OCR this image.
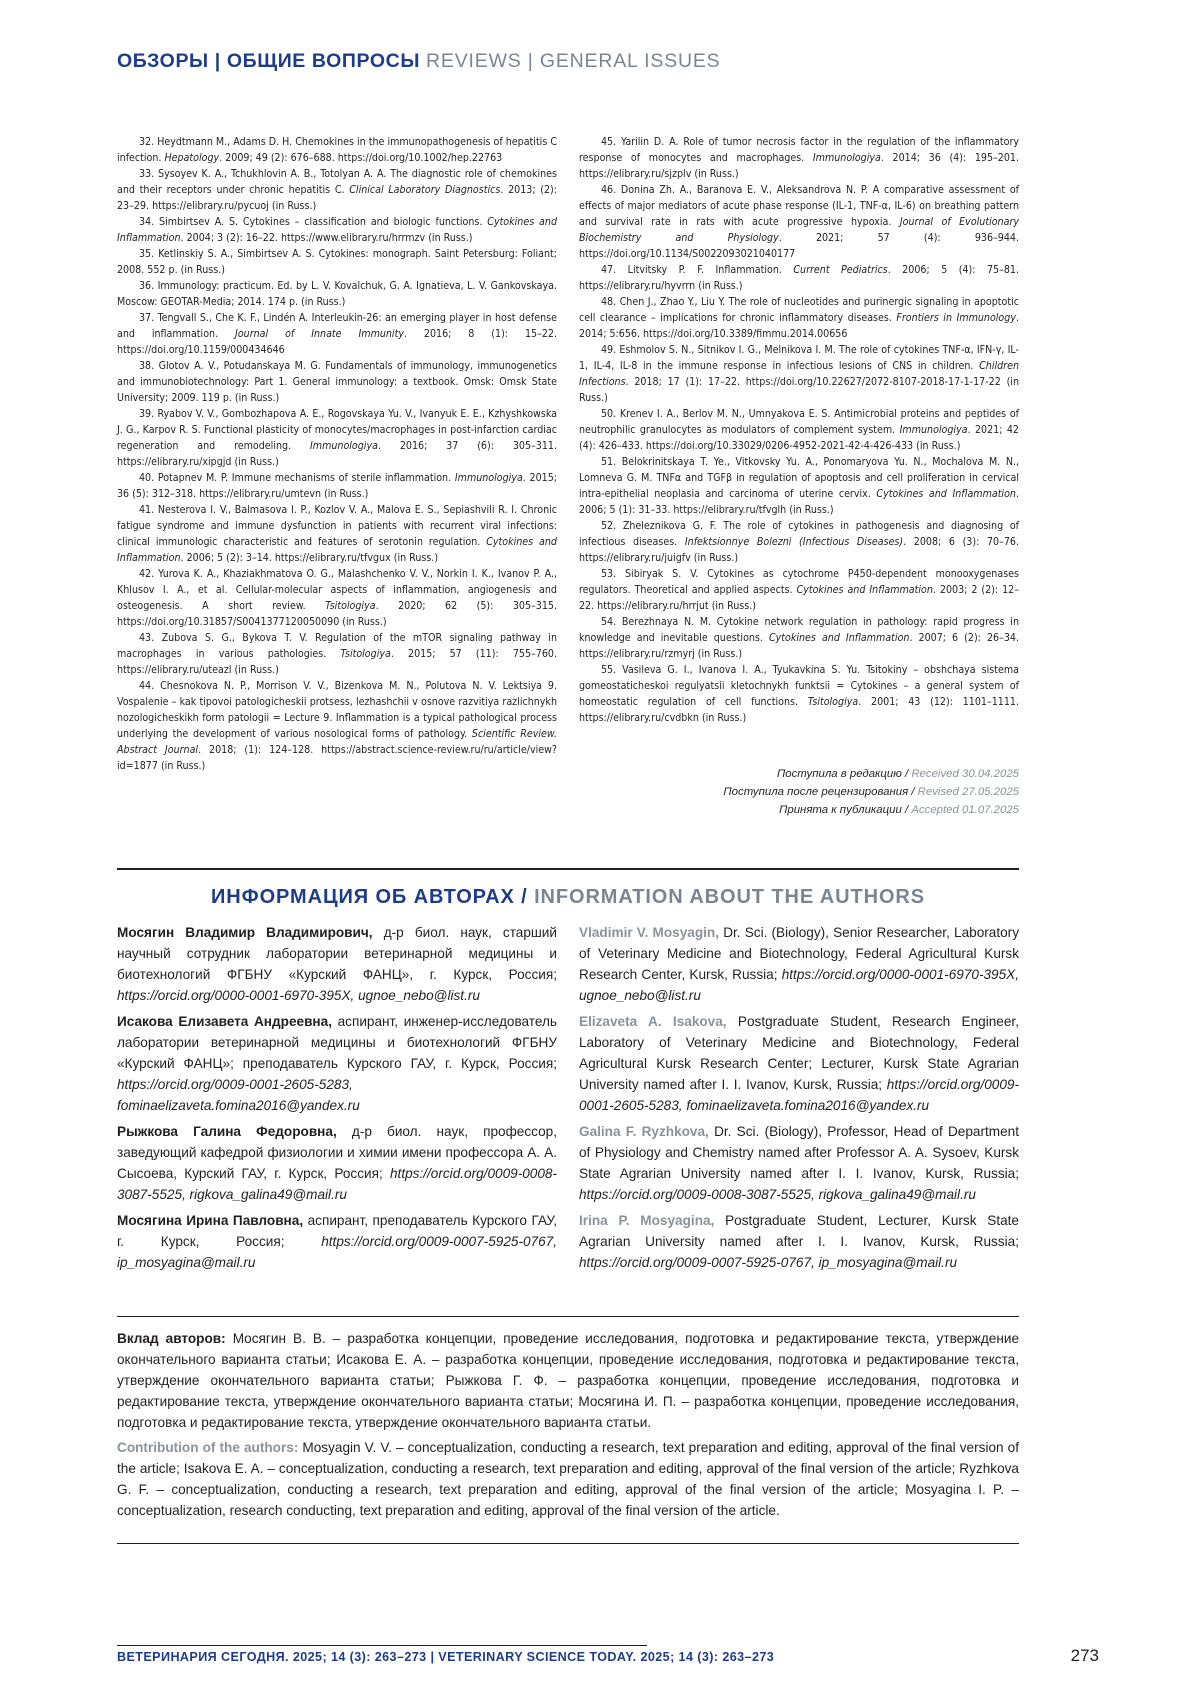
ОБЗОРЫ | ОБЩИЕ ВОПРОСЫ REVIEWS | GENERAL ISSUES

32. Heydtmann M., Adams D. H. Chemokines in the immunopathogenesis of hepatitis C infection. Hepatology. 2009; 49 (2): 676–688. https://doi.org/10.1002/hep.22763

33. Sysoyev K. A., Tchukhlovin A. B., Totolyan A. A. The diagnostic role of chemokines and their receptors under chronic hepatitis C. Clinical Laboratory Diagnostics. 2013; (2): 23–29. https://elibrary.ru/pycuoj (in Russ.)

34. Simbirtsev A. S. Cytokines – classification and biologic functions. Cytokines and Inflammation. 2004; 3 (2): 16–22. https://www.elibrary.ru/hrrmzv (in Russ.)

35. Ketlinskiy S. A., Simbirtsev A. S. Cytokines: monograph. Saint Petersburg: Foliant; 2008. 552 p. (in Russ.)

36. Immunology: practicum. Ed. by L. V. Kovalchuk, G. A. Ignatieva, L. V. Gankovskaya. Moscow: GEOTAR-Media; 2014. 174 p. (in Russ.)

37. Tengvall S., Che K. F., Lindén A. Interleukin-26: an emerging player in host defense and inflammation. Journal of Innate Immunity. 2016; 8 (1): 15–22. https://doi.org/10.1159/000434646

38. Glotov A. V., Potudanskaya M. G. Fundamentals of immunology, immunogenetics and immunobiotechnology: Part 1. General immunology: a textbook. Omsk: Omsk State University; 2009. 119 p. (in Russ.)

39. Ryabov V. V., Gombozhapova A. E., Rogovskaya Yu. V., Ivanyuk E. E., Kzhyshkowska J. G., Karpov R. S. Functional plasticity of monocytes/macrophages in post-infarction cardiac regeneration and remodeling. Immunologiya. 2016; 37 (6): 305–311. https://elibrary.ru/xipgjd (in Russ.)

40. Potapnev M. P. Immune mechanisms of sterile inflammation. Immunologiya. 2015; 36 (5): 312–318. https://elibrary.ru/umtevn (in Russ.)

41. Nesterova I. V., Balmasova I. P., Kozlov V. A., Malova E. S., Sepiashvili R. I. Chronic fatigue syndrome and immune dysfunction in patients with recurrent viral infections: clinical immunologic characteristic and features of serotonin regulation. Cytokines and Inflammation. 2006; 5 (2): 3–14. https://elibrary.ru/tfvgux (in Russ.)

42. Yurova K. A., Khaziakhmatova O. G., Malashchenko V. V., Norkin I. K., Ivanov P. A., Khlusov I. A., et al. Cellular-molecular aspects of inflammation, angiogenesis and osteogenesis. A short review. Tsitologiya. 2020; 62 (5): 305–315. https://doi.org/10.31857/S0041377120050090 (in Russ.)

43. Zubova S. G., Bykova T. V. Regulation of the mTOR signaling pathway in macrophages in various pathologies. Tsitologiya. 2015; 57 (11): 755–760. https://elibrary.ru/uteazl (in Russ.)

44. Chesnokova N. P., Morrison V. V., Bizenkova M. N., Polutova N. V. Lektsiya 9. Vospalenie – kak tipovoi patologicheskii protsess, lezhashchii v osnove razvitiya razlichnykh nozologicheskikh form patologii = Lecture 9. Inflammation is a typical pathological process underlying the development of various nosological forms of pathology. Scientific Review. Abstract Journal. 2018; (1): 124–128. https://abstract.science-review.ru/ru/article/view?id=1877 (in Russ.)

45. Yarilin D. A. Role of tumor necrosis factor in the regulation of the inflammatory response of monocytes and macrophages. Immunologiya. 2014; 36 (4): 195–201. https://elibrary.ru/sjzplv (in Russ.)

46. Donina Zh. A., Baranova E. V., Aleksandrova N. P. A comparative assessment of effects of major mediators of acute phase response (IL-1, TNF-α, IL-6) on breathing pattern and survival rate in rats with acute progressive hypoxia. Journal of Evolutionary Biochemistry and Physiology. 2021; 57 (4): 936–944. https://doi.org/10.1134/S0022093021040177

47. Litvitsky P. F. Inflammation. Current Pediatrics. 2006; 5 (4): 75–81. https://elibrary.ru/hyvrrn (in Russ.)

48. Chen J., Zhao Y., Liu Y. The role of nucleotides and purinergic signaling in apoptotic cell clearance – implications for chronic inflammatory diseases. Frontiers in Immunology. 2014; 5:656. https://doi.org/10.3389/fimmu.2014.00656

49. Eshmolov S. N., Sitnikov I. G., Melnikova I. M. The role of cytokines TNF-α, IFN-γ, IL-1, IL-4, IL-8 in the immune response in infectious lesions of CNS in children. Children Infections. 2018; 17 (1): 17–22. https://doi.org/10.22627/2072-8107-2018-17-1-17-22 (in Russ.)

50. Krenev I. A., Berlov M. N., Umnyakova E. S. Antimicrobial proteins and peptides of neutrophilic granulocytes as modulators of complement system. Immunologiya. 2021; 42 (4): 426–433. https://doi.org/10.33029/0206-4952-2021-42-4-426-433 (in Russ.)

51. Belokrinitskaya T. Ye., Vitkovsky Yu. A., Ponomaryova Yu. N., Mochalova M. N., Lomneva G. M. TNFα and TGFβ in regulation of apoptosis and cell proliferation in cervical intra-epithelial neoplasia and carcinoma of uterine cervix. Cytokines and Inflammation. 2006; 5 (1): 31–33. https://elibrary.ru/tfvglh (in Russ.)

52. Zheleznikova G. F. The role of cytokines in pathogenesis and diagnosing of infectious diseases. Infektsionnye Bolezni (Infectious Diseases). 2008; 6 (3): 70–76. https://elibrary.ru/juigfv (in Russ.)

53. Sibiryak S. V. Cytokines as cytochrome P450-dependent monooxygenases regulators. Theoretical and applied aspects. Cytokines and Inflammation. 2003; 2 (2): 12–22. https://elibrary.ru/hrrjut (in Russ.)

54. Berezhnaya N. M. Cytokine network regulation in pathology: rapid progress in knowledge and inevitable questions. Cytokines and Inflammation. 2007; 6 (2): 26–34. https://elibrary.ru/rzmyrj (in Russ.)

55. Vasileva G. I., Ivanova I. A., Tyukavkina S. Yu. Tsitokiny – obshchaya sistema gomeostaticheskoi regulyatsii kletochnykh funktsii = Cytokines – a general system of homeostatic regulation of cell functions. Tsitologiya. 2001; 43 (12): 1101–1111. https://elibrary.ru/cvdbkn (in Russ.)

Поступила в редакцию / Received 30.04.2025
Поступила после рецензирования / Revised 27.05.2025
Принята к публикации / Accepted 01.07.2025
ИНФОРМАЦИЯ ОБ АВТОРАХ / INFORMATION ABOUT THE AUTHORS

Мосягин Владимир Владимирович, д-р биол. наук, старший научный сотрудник лаборатории ветеринарной медицины и биотехнологий ФГБНУ «Курский ФАНЦ», г. Курск, Россия; https://orcid.org/0000-0001-6970-395X, ugnoe_nebo@list.ru

Исакова Елизавета Андреевна, аспирант, инженер-исследователь лаборатории ветеринарной медицины и биотехнологий ФГБНУ «Курский ФАНЦ»; преподаватель Курского ГАУ, г. Курск, Россия; https://orcid.org/0009-0001-2605-5283, fominaelizaveta.fomina2016@yandex.ru

Рыжкова Галина Федоровна, д-р биол. наук, профессор, заведующий кафедрой физиологии и химии имени профессора А. А. Сысоева, Курский ГАУ, г. Курск, Россия; https://orcid.org/0009-0008-3087-5525, rigkova_galina49@mail.ru

Мосягина Ирина Павловна, аспирант, преподаватель Курского ГАУ, г. Курск, Россия; https://orcid.org/0009-0007-5925-0767, ip_mosyagina@mail.ru

Vladimir V. Mosyagin, Dr. Sci. (Biology), Senior Researcher, Laboratory of Veterinary Medicine and Biotechnology, Federal Agricultural Kursk Research Center, Kursk, Russia; https://orcid.org/0000-0001-6970-395X, ugnoe_nebo@list.ru

Elizaveta A. Isakova, Postgraduate Student, Research Engineer, Laboratory of Veterinary Medicine and Biotechnology, Federal Agricultural Kursk Research Center; Lecturer, Kursk State Agrarian University named after I. I. Ivanov, Kursk, Russia; https://orcid.org/0009-0001-2605-5283, fominaelizaveta.fomina2016@yandex.ru

Galina F. Ryzhkova, Dr. Sci. (Biology), Professor, Head of Department of Physiology and Chemistry named after Professor A. A. Sysoev, Kursk State Agrarian University named after I. I. Ivanov, Kursk, Russia; https://orcid.org/0009-0008-3087-5525, rigkova_galina49@mail.ru

Irina P. Mosyagina, Postgraduate Student, Lecturer, Kursk State Agrarian University named after I. I. Ivanov, Kursk, Russia; https://orcid.org/0009-0007-5925-0767, ip_mosyagina@mail.ru

Вклад авторов: Мосягин В. В. – разработка концепции, проведение исследования, подготовка и редактирование текста, утверждение окончательного варианта статьи; Исакова Е. А. – разработка концепции, проведение исследования, подготовка и редактирование текста, утверждение окончательного варианта статьи; Рыжкова Г. Ф. – разработка концепции, проведение исследования, подготовка и редактирование текста, утверждение окончательного варианта статьи; Мосягина И. П. – разработка концепции, проведение исследования, подготовка и редактирование текста, утверждение окончательного варианта статьи.

Contribution of the authors: Mosyagin V. V. – conceptualization, conducting a research, text preparation and editing, approval of the final version of the article; Isakova E. A. – conceptualization, conducting a research, text preparation and editing, approval of the final version of the article; Ryzhkova G. F. – conceptualization, conducting a research, text preparation and editing, approval of the final version of the article; Mosyagina I. P. – conceptualization, research conducting, text preparation and editing, approval of the final version of the article.

ВЕТЕРИНАРИЯ СЕГОДНЯ. 2025; 14 (3): 263–273 | VETERINARY SCIENCE TODAY. 2025; 14 (3): 263–273	273
